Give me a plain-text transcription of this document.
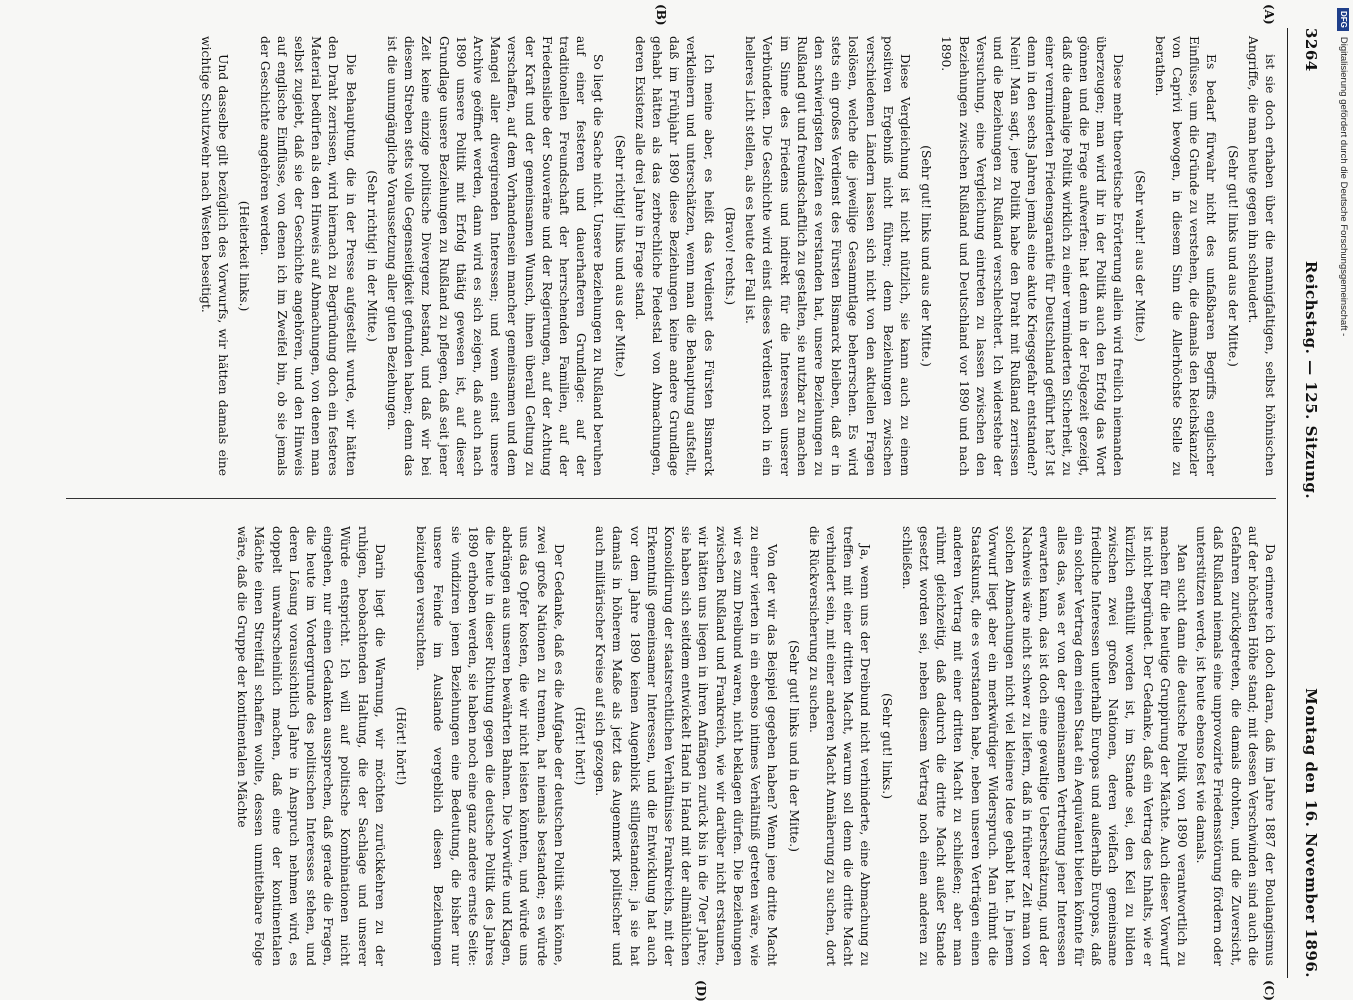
3264
Reichstag. — 125. Sitzung.
Montag den 16. November 1896.
(A)
(B)
(C)
(D)

ist sie doch erhaben über die mannigfaltigen, selbst höhnischen Angriffe, die man heute gegen ihn schleudert.

(Sehr gut! links und aus der Mitte.)

Es bedarf fürwahr nicht des unfaßbaren Begriffs englischer Einflüsse, um die Gründe zu verstehen, die damals den Reichskanzler von Caprivi bewogen, in diesem Sinn die Allerhöchste Stelle zu berathen.

(Sehr wahr! aus der Mitte.)

Diese mehr theoretische Erörterung allein wird freilich niemanden überzeugen; man wird ihr in der Politik auch den Erfolg das Wort gönnen und die Frage aufwerfen: hat denn in der Folgezeit gezeigt, daß die damalige Politik wirklich zu einer verminderten Sicherheit, zu einer verminderten Friedensgarantie für Deutschland geführt hat? Ist denn in den sechs Jahren jemals eine akute Kriegsgefahr entstanden? Nein! Man sagt, jene Politik habe den Draht mit Rußland zerrissen und die Beziehungen zu Rußland verschlechtert. Ich widerstehe der Versuchung, eine Vergleichung eintreten zu lassen zwischen den Beziehungen zwischen Rußland und Deutschland vor 1890 und nach 1890.

(Sehr gut! links und aus der Mitte.)

Diese Vergleichung ist nicht nützlich, sie kann auch zu einem positiven Ergebniß nicht führen; denn Beziehungen zwischen verschiedenen Ländern lassen sich nicht von den aktuellen Fragen loslösen, welche die jeweilige Gesammtlage beherrschen. Es wird stets ein großes Verdienst des Fürsten Bismarck bleiben, daß er in den schwierigsten Zeiten es verstanden hat, unsere Beziehungen zu Rußland gut und freundschaftlich zu gestalten, sie nutzbar zu machen im Sinne des Friedens und indirekt für die Interessen unserer Verbündeten. Die Geschichte wird einst dieses Verdienst noch in ein helleres Licht stellen, als es heute der Fall ist.

(Bravo! rechts.)

Ich meine aber, es heißt das Verdienst des Fürsten Bismarck verkleinern und unterschätzen, wenn man die Behauptung aufstellt, daß im Frühjahr 1890 diese Beziehungen keine andere Grundlage gehabt hätten als das zerbrechliche Piedestal von Abmachungen, deren Existenz alle drei Jahre in Frage stand.

(Sehr richtig! links und aus der Mitte.)

So liegt die Sache nicht. Unsere Beziehungen zu Rußland beruhen auf einer festeren und dauerhafteren Grundlage: auf der traditionellen Freundschaft der herrschenden Familien, auf der Friedensliebe der Souveräne und der Regierungen, auf der Achtung der Kraft und der gemeinsamen Wunsch, ihnen überall Geltung zu verschaffen, auf dem Vorhandensein mancher gemeinsamen und dem Mangel aller divergirenden Interessen; und wenn einst unsere Archive geöffnet werden, dann wird es sich zeigen, daß auch nach 1890 unsere Politik mit Erfolg thätig gewesen ist, auf dieser Grundlage unsere Beziehungen zu Rußland zu pflegen, daß seit jener Zeit keine einzige politische Divergenz bestand, und daß wir bei diesem Streben stets volle Gegenseitigkeit gefunden haben; denn das ist die unumgängliche Voraussetzung aller guten Beziehungen.

(Sehr richtig! in der Mitte.)

Die Behauptung, die in der Presse aufgestellt wurde, wir hätten den Draht zerrissen, wird hiernach zu Begründung doch ein festeres Material bedürfen als den Hinweis auf Abmachungen, von denen man selbst zugiebt, daß sie der Geschichte angehören, und den Hinweis auf englische Einflüsse, von denen ich im Zweifel bin, ob sie jemals der Geschichte angehören werden.

(Heiterkeit links.)

Und dasselbe gilt bezüglich des Vorwurfs, wir hätten damals eine wichtige Schutzwehr nach Westen beseitigt.

Da erinnere ich doch daran, daß im Jahre 1887 der Boulangismus auf der höchsten Höhe stand; mit dessen Verschwinden sind auch die Gefahren zurückgetreten, die damals drohten, und die Zuversicht, daß Rußland niemals eine unprovozirte Friedensstörung fördern oder unterstützen werde, ist heute ebenso fest wie damals.

Man sucht dann die deutsche Politik von 1890 verantwortlich zu machen für die heutige Gruppirung der Mächte. Auch dieser Vorwurf ist nicht begründet. Der Gedanke, daß ein Vertrag des Inhalts, wie er kürzlich enthüllt worden ist, im Stande sei, den Keil zu bilden zwischen zwei großen Nationen, deren vielfach gemeinsame friedliche Interessen unterhalb Europas und außerhalb Europas, daß ein solcher Vertrag dem einen Staat ein Aequivalent bieten könnte für alles das, was er von der gemeinsamen Vertretung jener Interessen erwarten kann, das ist doch eine gewaltige Ueberschätzung, und der Nachweis wäre nicht schwer zu liefern, daß in früherer Zeit man von solchen Abmachungen nicht viel kleinere Idee gehabt hat. In jenem Vorwurf liegt aber ein merkwürdiger Widerspruch. Man rühmt die Staatskunst, die es verstanden habe, neben unseren Verträgen einen anderen Vertrag mit einer dritten Macht zu schließen; aber man rühmt gleichzeitig, daß dadurch die dritte Macht außer Stande gesetzt worden sei, neben diesem Vertrag noch einen anderen zu schließen.

(Sehr gut! links.)

Ja, wenn uns der Dreibund nicht verhinderte, eine Abmachung zu treffen mit einer dritten Macht, warum soll denn die dritte Macht verhindert sein, mit einer anderen Macht Annäherung zu suchen, dort die Rückversicherung zu suchen.

(Sehr gut! links und in der Mitte.)

Von der wir das Beispiel gegeben haben? Wenn jene dritte Macht zu einer vierten in ein ebenso intimes Verhältniß getreten wäre, wie wir es zum Dreibund waren, nicht beklagen dürfen. Die Beziehungen zwischen Rußland und Frankreich, wie wir darüber nicht erstaunen, wir hätten uns liegen in ihren Anfängen zurück bis in die 70er Jahre; sie haben sich seitdem entwickelt Hand in Hand mit der allmählichen Konsolidirung der staatsrechtlichen Verhältnisse Frankreichs, mit der Erkenntniß gemeinsamer Interessen, und die Entwicklung hat auch vor dem Jahre 1890 keinen Augenblick stillgestanden; ja sie hat damals in höherem Maße als jetzt das Augenmerk politischer und auch militärischer Kreise auf sich gezogen.

(Hört! hört!)

Der Gedanke, daß es die Aufgabe der deutschen Politik sein könne, zwei große Nationen zu trennen, hat niemals bestanden; es würde uns das Opfer kosten, die wir nicht leisten könnten, und würde uns abdrängen aus unseren bewährten Bahnen. Die Vorwürfe und Klagen, die heute in dieser Richtung gegen die deutsche Politik des Jahres 1890 erhoben werden, sie haben noch eine ganz andere ernste Seite: sie vindiziren jenen Beziehungen eine Bedeutung, die bisher nur unsere Feinde im Auslande vergeblich diesen Beziehungen beizulegen versuchten.

(Hört! hört!)

Darin liegt die Warnung, wir möchten zurückkehren zu der ruhigen, beobachtenden Haltung, die der Sachlage und unserer Würde entspricht. Ich will auf politische Kombinationen nicht eingehen, nur einen Gedanken aussprechen, daß gerade die Fragen, die heute im Vordergrunde des politischen Interesses stehen, und deren Lösung voraussichtlich Jahre in Anspruch nehmen wird, es doppelt unwahrscheinlich machen, daß eine der kontinentalen Mächte einen Streitfall schaffen wollte, dessen unmittelbare Folge wäre, daß die Gruppe der kontinentalen Mächte

DFG
Digitalisierung gefördert durch die Deutsche Forschungsgemeinschaft -
